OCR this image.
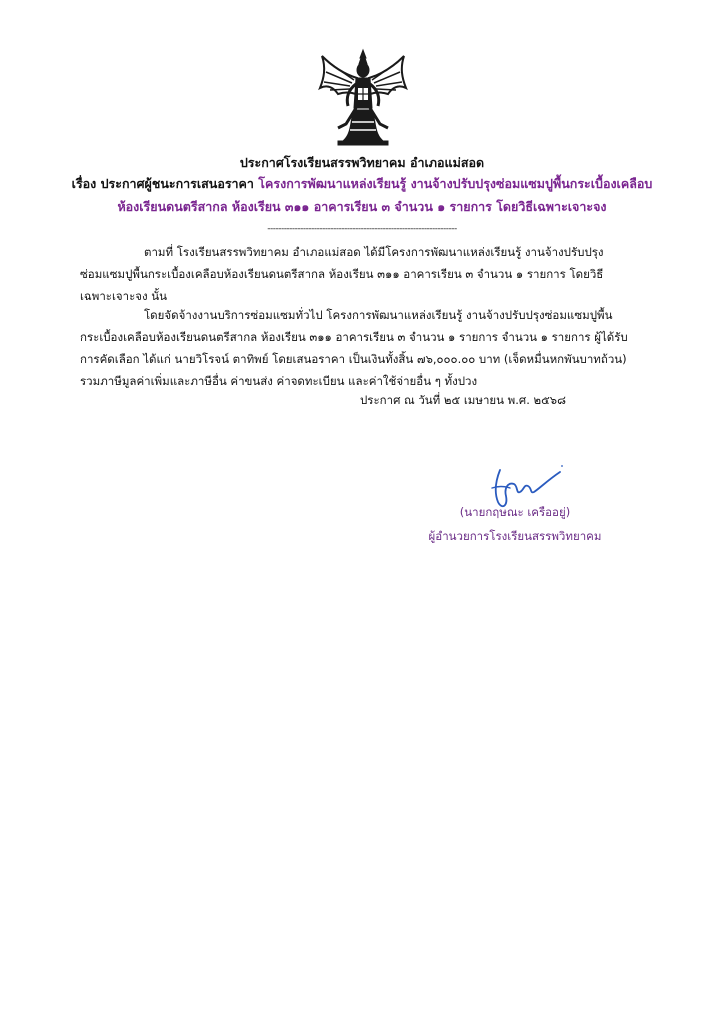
ประกาศโรงเรียนสรรพวิทยาคม อำเภอแม่สอด
เรื่อง ประกาศผู้ชนะการเสนอราคา โครงการพัฒนาแหล่งเรียนรู้ งานจ้างปรับปรุงซ่อมแซมปูพื้นกระเบื้องเคลือบ
ห้องเรียนดนตรีสากล ห้องเรียน ๓๑๑ อาคารเรียน ๓ จำนวน ๑ รายการ โดยวิธีเฉพาะเจาะจง
---------------------------------------------------------------------
ตามที่ โรงเรียนสรรพวิทยาคม อำเภอแม่สอด ได้มีโครงการพัฒนาแหล่งเรียนรู้ งานจ้างปรับปรุง
ซ่อมแซมปูพื้นกระเบื้องเคลือบห้องเรียนดนตรีสากล ห้องเรียน ๓๑๑ อาคารเรียน ๓ จำนวน ๑ รายการ โดยวิธี
เฉพาะเจาะจง นั้น
โดยจัดจ้างงานบริการซ่อมแซมทั่วไป โครงการพัฒนาแหล่งเรียนรู้ งานจ้างปรับปรุงซ่อมแซมปูพื้น
กระเบื้องเคลือบห้องเรียนดนตรีสากล ห้องเรียน ๓๑๑ อาคารเรียน ๓ จำนวน ๑ รายการ จำนวน ๑ รายการ ผู้ได้รับ
การคัดเลือก ได้แก่ นายวิโรจน์ ตาทิพย์ โดยเสนอราคา เป็นเงินทั้งสิ้น ๗๖,๐๐๐.๐๐ บาท (เจ็ดหมื่นหกพันบาทถ้วน)
รวมภาษีมูลค่าเพิ่มและภาษีอื่น ค่าขนส่ง ค่าจดทะเบียน และค่าใช้จ่ายอื่น ๆ ทั้งปวง
ประกาศ ณ วันที่ ๒๕ เมษายน พ.ศ. ๒๕๖๘
(นายกฤษณะ เครืออยู่)
ผู้อำนวยการโรงเรียนสรรพวิทยาคม
